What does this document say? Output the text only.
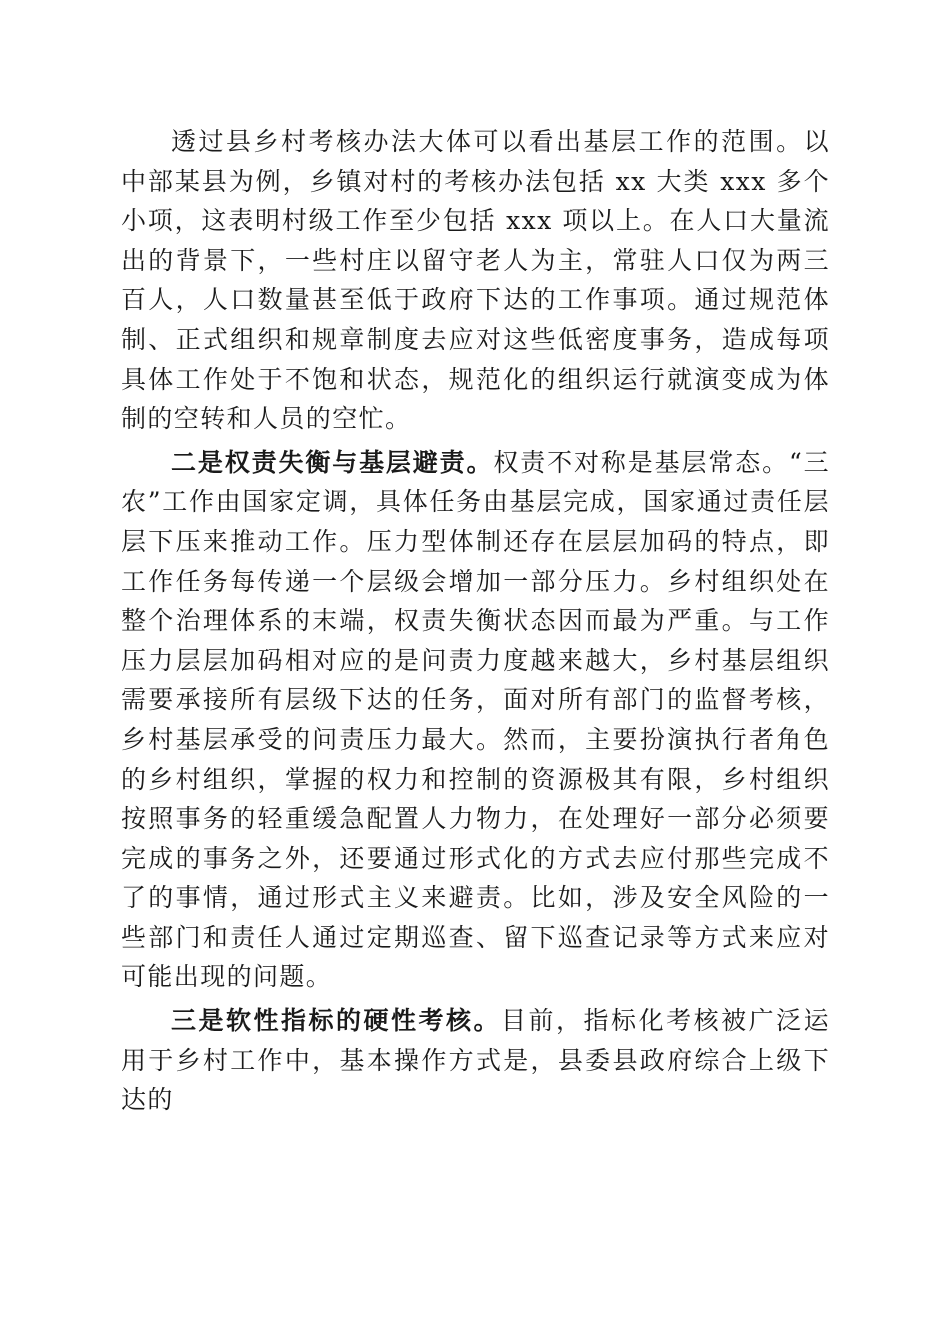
透过县乡村考核办法大体可以看出基层工作的范围。以中部某县为例，乡镇对村的考核办法包括 xx 大类 xxx 多个小项，这表明村级工作至少包括 xxx 项以上。在人口大量流出的背景下，一些村庄以留守老人为主，常驻人口仅为两三百人，人口数量甚至低于政府下达的工作事项。通过规范体制、正式组织和规章制度去应对这些低密度事务，造成每项具体工作处于不饱和状态，规范化的组织运行就演变成为体制的空转和人员的空忙。

二是权责失衡与基层避责。权责不对称是基层常态。“三农”工作由国家定调，具体任务由基层完成，国家通过责任层层下压来推动工作。压力型体制还存在层层加码的特点，即工作任务每传递一个层级会增加一部分压力。乡村组织处在整个治理体系的末端，权责失衡状态因而最为严重。与工作压力层层加码相对应的是问责力度越来越大，乡村基层组织需要承接所有层级下达的任务，面对所有部门的监督考核，乡村基层承受的问责压力最大。然而，主要扮演执行者角色的乡村组织，掌握的权力和控制的资源极其有限，乡村组织按照事务的轻重缓急配置人力物力，在处理好一部分必须要完成的事务之外，还要通过形式化的方式去应付那些完成不了的事情，通过形式主义来避责。比如，涉及安全风险的一些部门和责任人通过定期巡查、留下巡查记录等方式来应对可能出现的问题。

三是软性指标的硬性考核。目前，指标化考核被广泛运用于乡村工作中，基本操作方式是，县委县政府综合上级下达的
